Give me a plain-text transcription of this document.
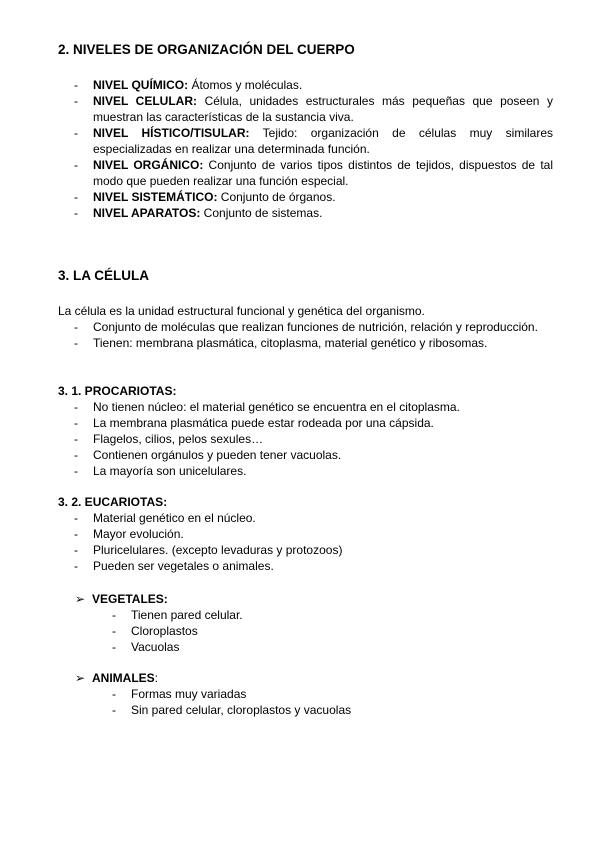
2. NIVELES DE ORGANIZACIÓN DEL CUERPO
- NIVEL QUÍMICO: Átomos y moléculas.
- NIVEL CELULAR: Célula, unidades estructurales más pequeñas que poseen y muestran las características de la sustancia viva.
- NIVEL HÍSTICO/TISULAR: Tejido: organización de células muy similares especializadas en realizar una determinada función.
- NIVEL ORGÁNICO: Conjunto de varios tipos distintos de tejidos, dispuestos de tal modo que pueden realizar una función especial.
- NIVEL SISTEMÁTICO: Conjunto de órganos.
- NIVEL APARATOS: Conjunto de sistemas.
3. LA CÉLULA
La célula es la unidad estructural funcional y genética del organismo.
- Conjunto de moléculas que realizan funciones de nutrición, relación y reproducción.
- Tienen: membrana plasmática, citoplasma, material genético y ribosomas.
3. 1. PROCARIOTAS:
- No tienen núcleo: el material genético se encuentra en el citoplasma.
- La membrana plasmática puede estar rodeada por una cápsida.
- Flagelos, cilios, pelos sexules…
- Contienen orgánulos y pueden tener vacuolas.
- La mayoría son unicelulares.
3. 2. EUCARIOTAS:
- Material genético en el núcleo.
- Mayor evolución.
- Pluricelulares. (excepto levaduras y protozoos)
- Pueden ser vegetales o animales.
➢ VEGETALES:
- Tienen pared celular.
- Cloroplastos
- Vacuolas
➢ ANIMALES:
- Formas muy variadas
- Sin pared celular, cloroplastos y vacuolas
